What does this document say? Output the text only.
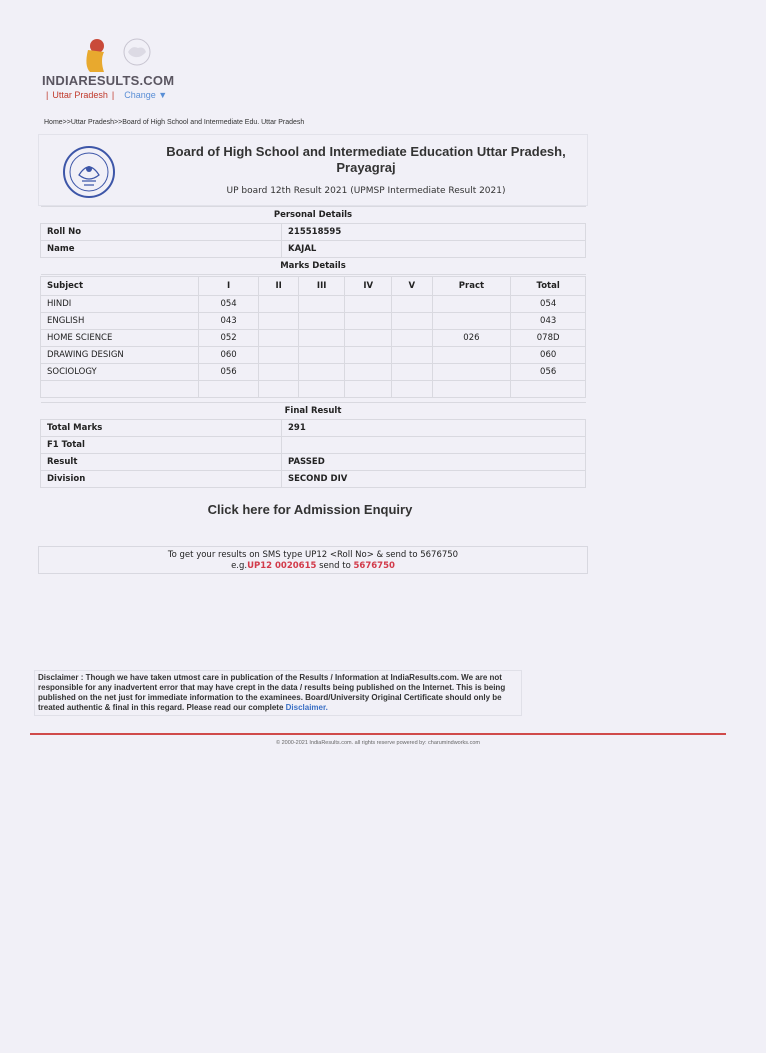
INDIARESULTS.COM
| Uttar Pradesh | Change ▼
Home>>Uttar Pradesh>>Board of High School and Intermediate Edu. Uttar Pradesh
Board of High School and Intermediate Education Uttar Pradesh, Prayagraj
UP board 12th Result 2021 (UPMSP Intermediate Result 2021)
Personal Details	
Roll No	215518595
Name	KAJAL
Marks Details	
Subject	I	II	III	IV	V	Pract	Total
HINDI	054						054
ENGLISH	043						043
HOME SCIENCE	052					026	078D
DRAWING DESIGN	060						060
SOCIOLOGY	056						056

Final Result	
Total Marks	291
F1 Total	
Result	PASSED
Division	SECOND DIV
Click here for Admission Enquiry
To get your results on SMS type UP12 <Roll No> & send to 5676750
e.g.UP12 0020615 send to 5676750
Disclaimer : Though we have taken utmost care in publication of the Results / Information at IndiaResults.com. We are not responsible for any inadvertent error that may have crept in the data / results being published on the Internet. This is being published on the net just for immediate information to the examinees. Board/University Original Certificate should only be treated authentic & final in this regard. Please read our complete Disclaimer.
© 2000-2021 IndiaResults.com. all rights reserve powered by: charumindworks.com
